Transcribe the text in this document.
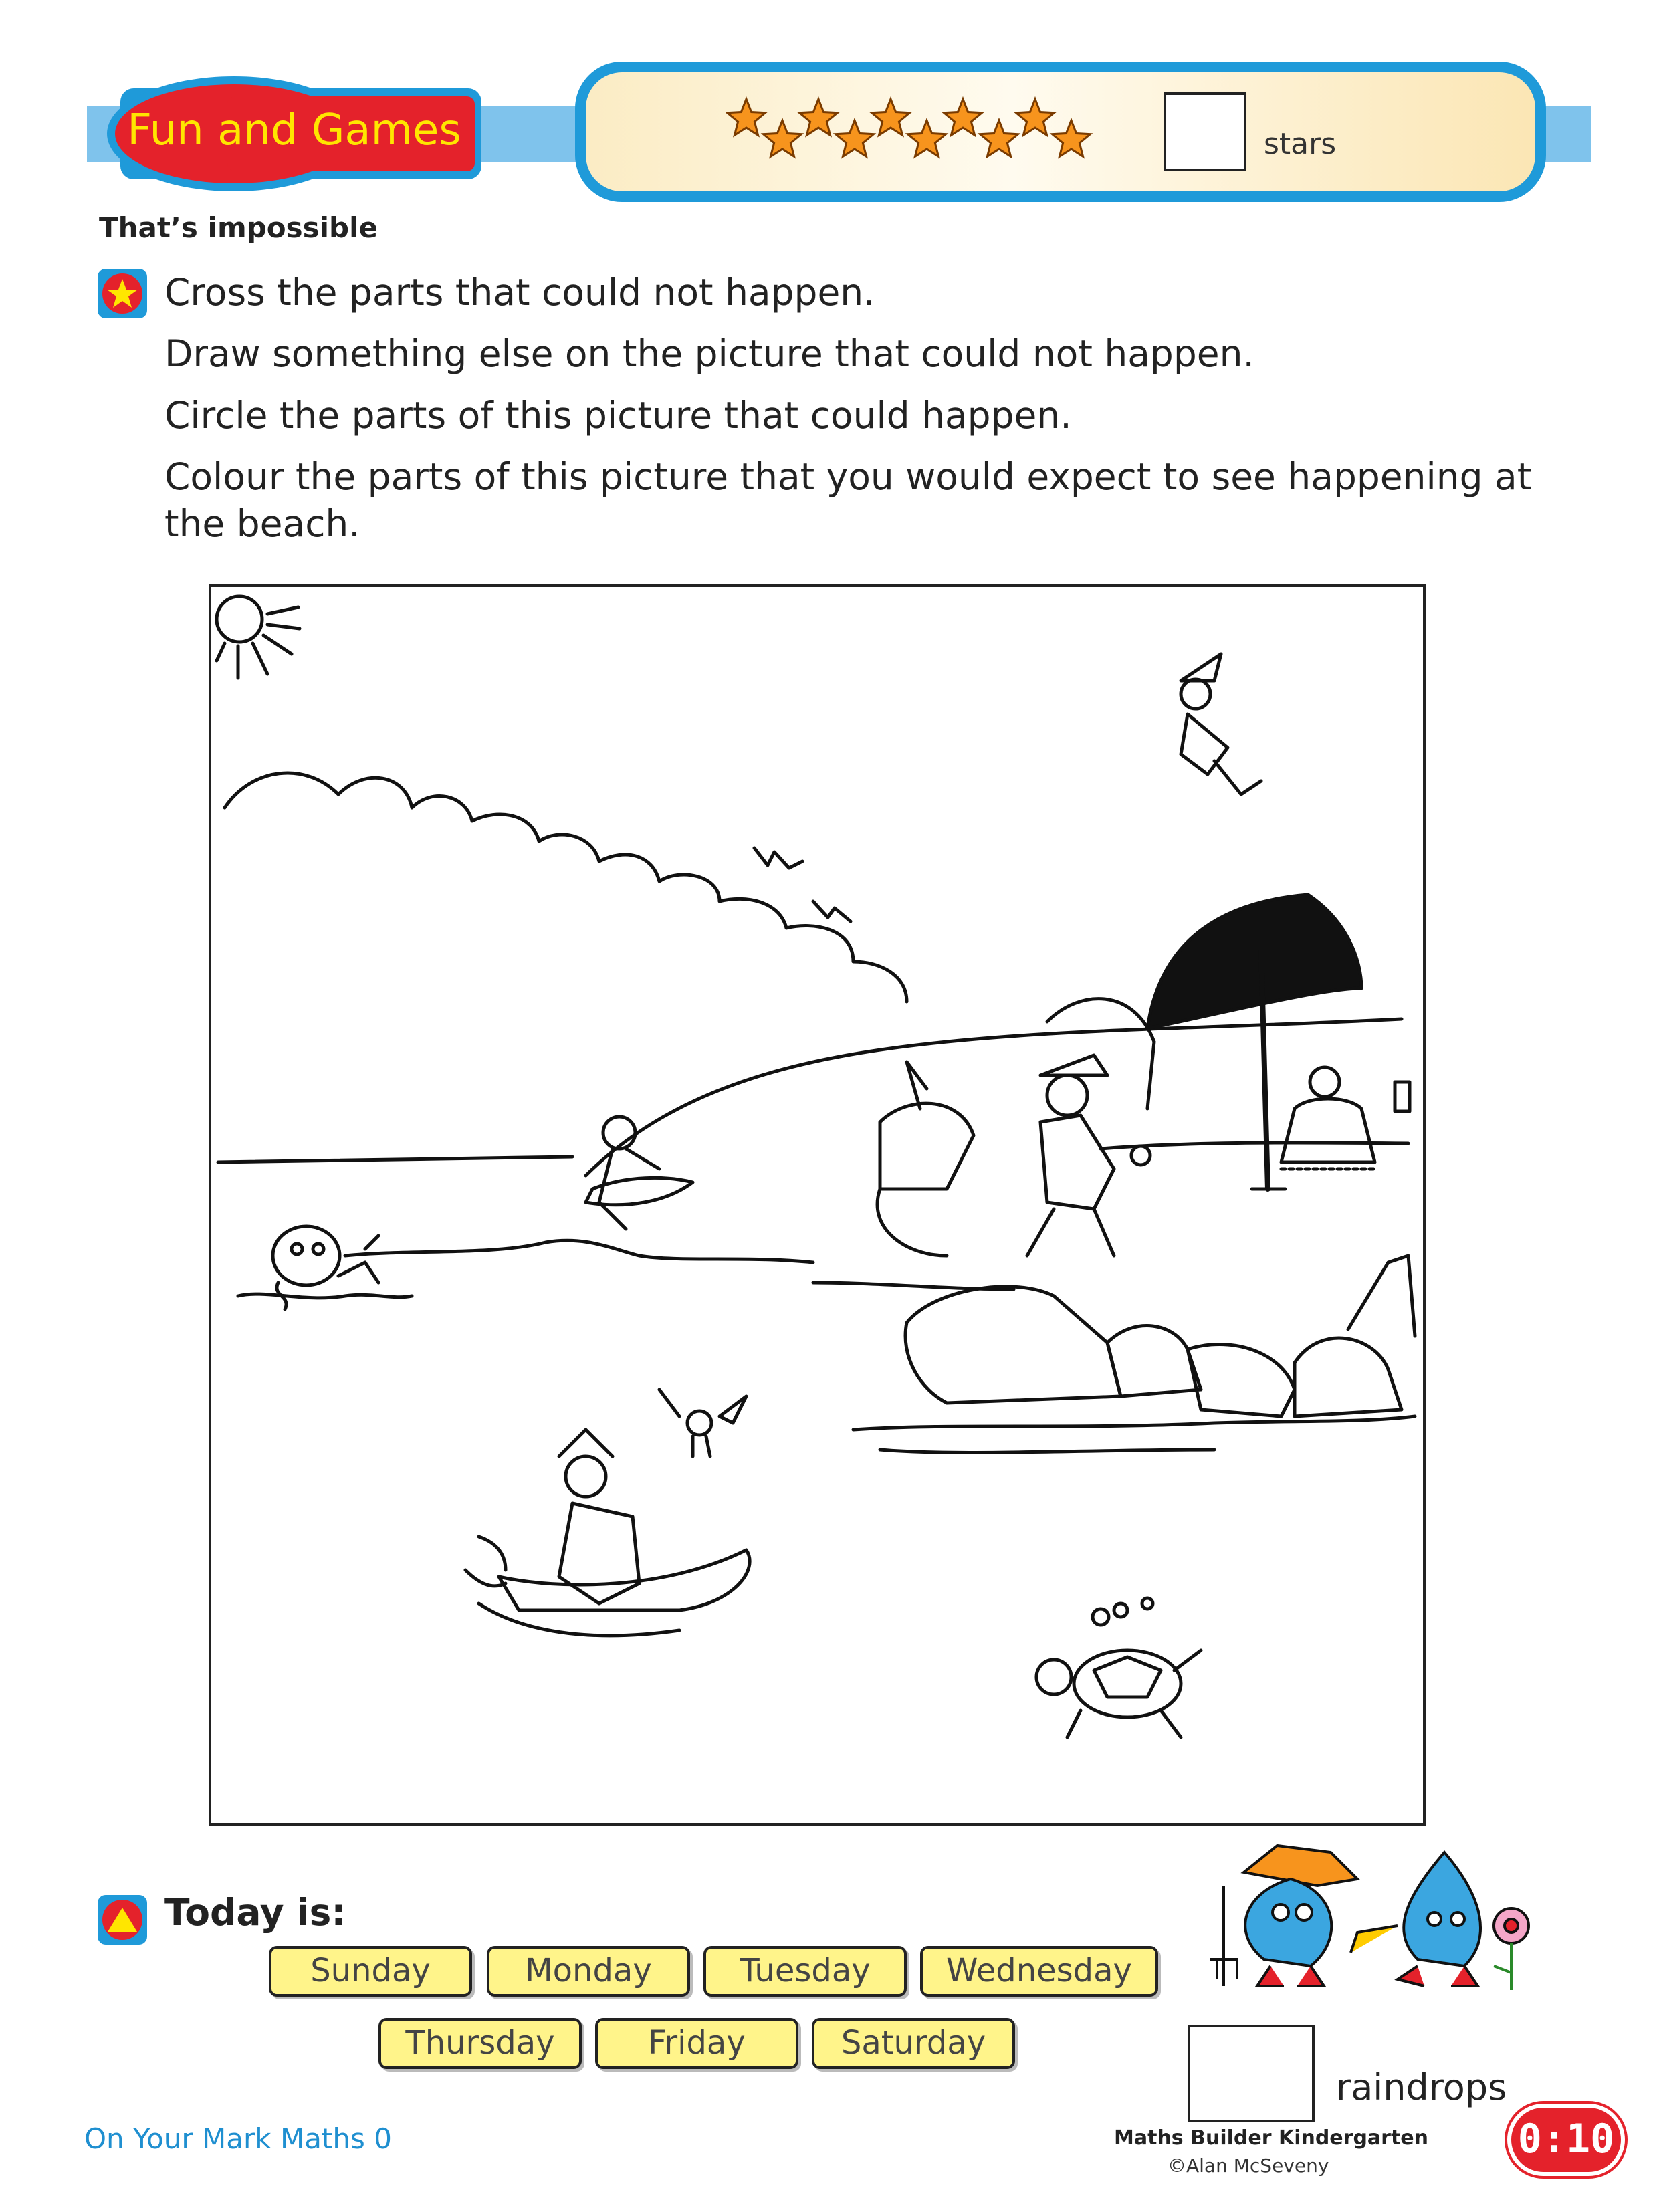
Fun and Games	stars
That’s impossible
Cross the parts that could not happen.
Draw something else on the picture that could not happen.
Circle the parts of this picture that could happen.
Colour the parts of this picture that you would expect to see happening at the beach.
Today is:
Sunday	Monday	Tuesday	Wednesday
Thursday	Friday	Saturday
raindrops
On Your Mark Maths 0	Maths Builder Kindergarten
©Alan McSeveny
0:10
